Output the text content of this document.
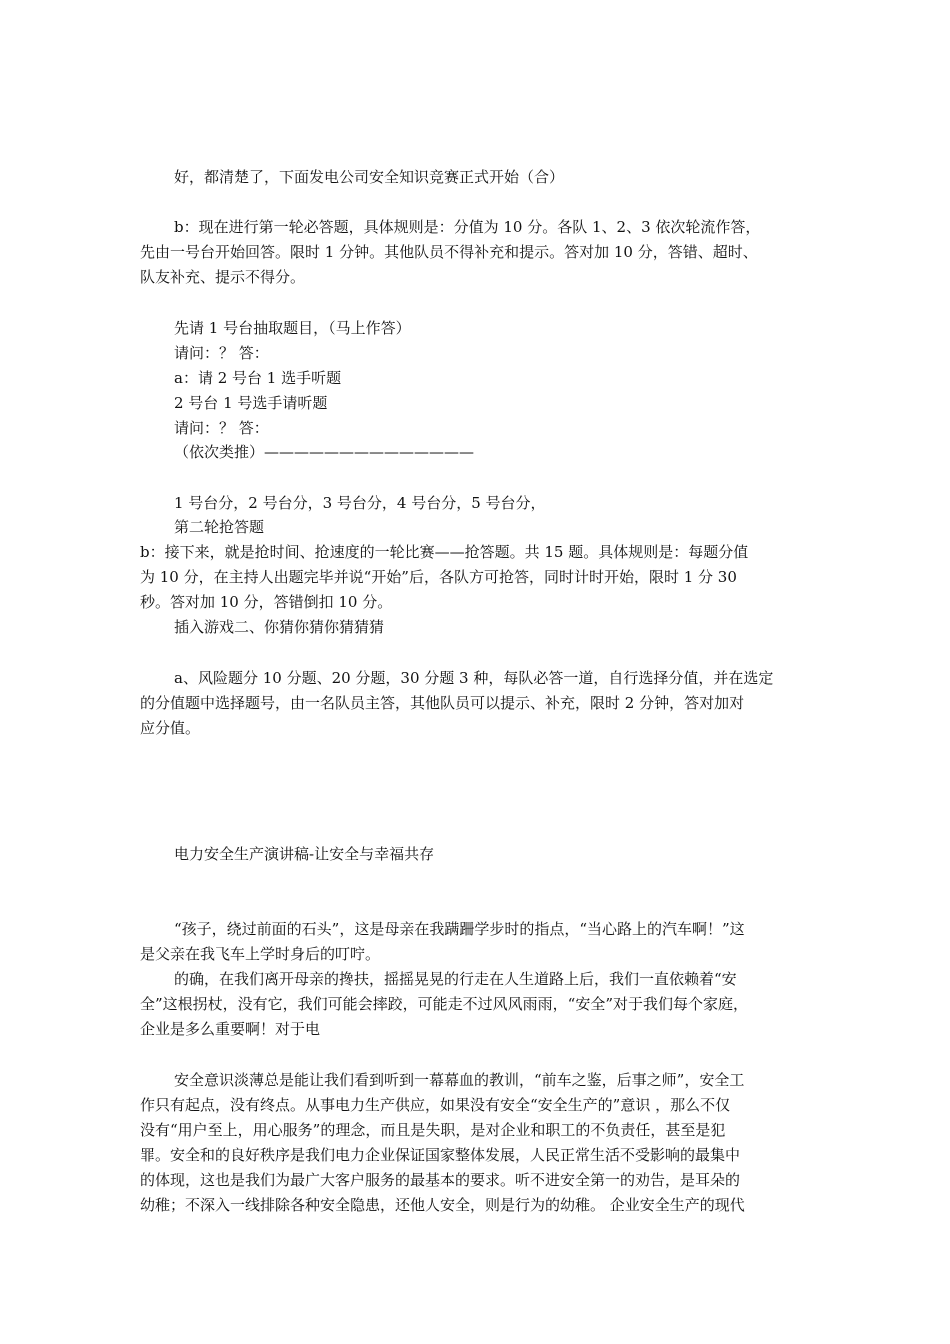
好，都清楚了，下面发电公司安全知识竞赛正式开始（合）
b：现在进行第一轮必答题，具体规则是：分值为 10 分。各队 1、2、3 依次轮流作答，
先由一号台开始回答。限时 1 分钟。其他队员不得补充和提示。答对加 10 分，答错、超时、
队友补充、提示不得分。
先请 1 号台抽取题目，（马上作答）
请问：？ 答：
a：请 2 号台 1 选手听题
2 号台 1 号选手请听题
请问：？ 答：
（依次类推）——————————————
1 号台分，2 号台分，3 号台分，4 号台分，5 号台分，
第二轮抢答题
b：接下来，就是抢时间、抢速度的一轮比赛——抢答题。共 15 题。具体规则是：每题分值
为 10 分，在主持人出题完毕并说“开始”后，各队方可抢答，同时计时开始，限时 1 分 30
秒。答对加 10 分，答错倒扣 10 分。
插入游戏二、你猜你猜你猜猜猜
a、风险题分 10 分题、20 分题，30 分题 3 种，每队必答一道，自行选择分值，并在选定
的分值题中选择题号，由一名队员主答，其他队员可以提示、补充，限时 2 分钟，答对加对
应分值。
电力安全生产演讲稿-让安全与幸福共存
“孩子，绕过前面的石头”，这是母亲在我蹒跚学步时的指点，“当心路上的汽车啊！”这
是父亲在我飞车上学时身后的叮咛。
的确，在我们离开母亲的搀扶，摇摇晃晃的行走在人生道路上后，我们一直依赖着“安
全”这根拐杖，没有它，我们可能会摔跤，可能走不过风风雨雨，“安全”对于我们每个家庭，
企业是多么重要啊！对于电
安全意识淡薄总是能让我们看到听到一幕幕血的教训，“前车之鉴，后事之师”，安全工
作只有起点，没有终点。从事电力生产供应，如果没有安全“安全生产的”意识 ，那么不仅
没有“用户至上，用心服务”的理念，而且是失职，是对企业和职工的不负责任，甚至是犯
罪。安全和的良好秩序是我们电力企业保证国家整体发展，人民正常生活不受影响的最集中
的体现，这也是我们为最广大客户服务的最基本的要求。听不进安全第一的劝告，是耳朵的
幼稚；不深入一线排除各种安全隐患，还他人安全，则是行为的幼稚。 企业安全生产的现代
